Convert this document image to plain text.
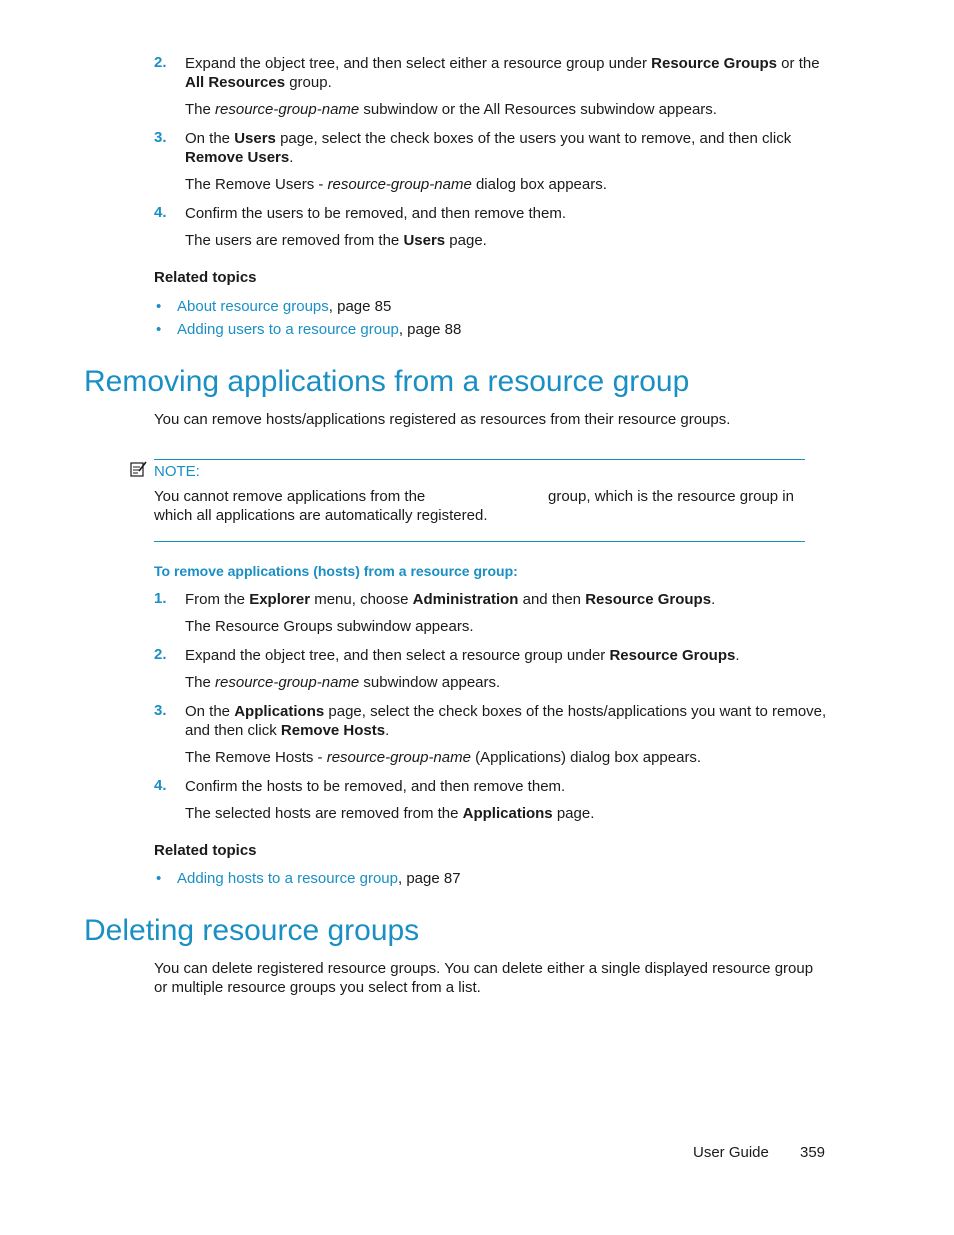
2. Expand the object tree, and then select either a resource group under Resource Groups or the
All Resources group.
The resource-group-name subwindow or the All Resources subwindow appears.
3. On the Users page, select the check boxes of the users you want to remove, and then click Remove Users.
The Remove Users - resource-group-name dialog box appears.
4. Confirm the users to be removed, and then remove them.
The users are removed from the Users page.
Related topics
• About resource groups, page 85
• Adding users to a resource group, page 88
Removing applications from a resource group
You can remove hosts/applications registered as resources from their resource groups.
NOTE:
You cannot remove applications from the	group, which is the resource group in
which all applications are automatically registered.
To remove applications (hosts) from a resource group:
1. From the Explorer menu, choose Administration and then Resource Groups.
The Resource Groups subwindow appears.
2. Expand the object tree, and then select a resource group under Resource Groups.
The resource-group-name subwindow appears.
3. On the Applications page, select the check boxes of the hosts/applications you want to remove, and then click Remove Hosts.
The Remove Hosts - resource-group-name (Applications) dialog box appears.
4. Confirm the hosts to be removed, and then remove them.
The selected hosts are removed from the Applications page.
Related topics
• Adding hosts to a resource group, page 87
Deleting resource groups
You can delete registered resource groups. You can delete either a single displayed resource group
or multiple resource groups you select from a list.
User Guide 359
